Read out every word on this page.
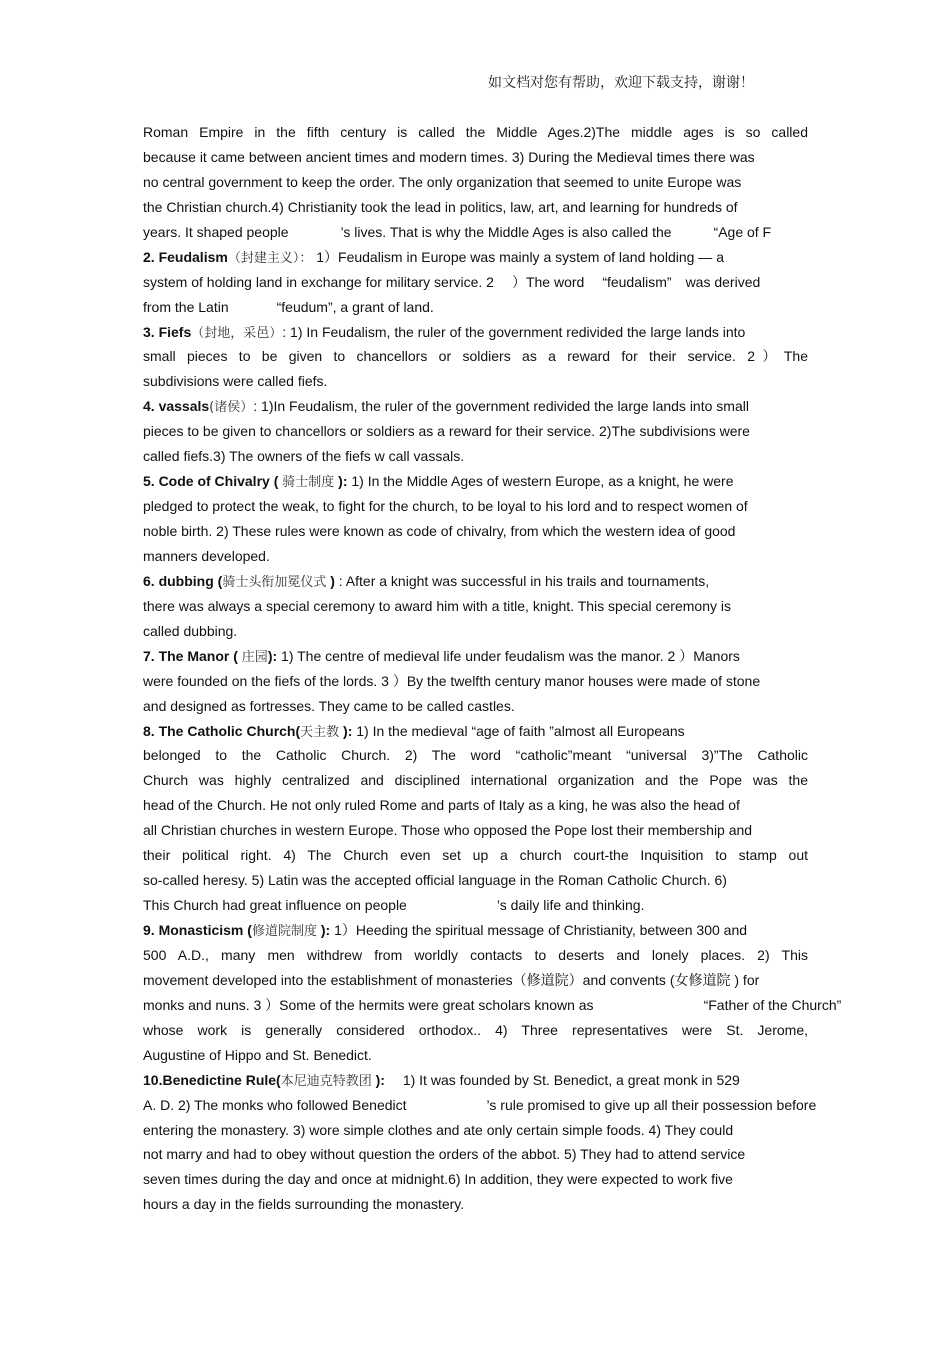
如文档对您有帮助，欢迎下载支持，谢谢！
Roman Empire in the fifth century is called the Middle Ages.2)The middle ages is so called
because it came between ancient times and modern times. 3) During the Medieval times there was
no central government to keep the order. The only organization that seemed to unite Europe was
the Christian church.4) Christianity took the lead in politics, law, art, and learning for hundreds of
years. It shaped people	’s lives. That is why the Middle Ages is also called the	“Age of F
2. Feudalism（封建主义）： 1）Feudalism in Europe was mainly a system of land holding — a
system of holding land in exchange for military service. 2 ）The word “feudalism” was derived
from the Latin	“feudum”, a grant of land.
3. Fiefs（封地，采邑）: 1) In Feudalism, the ruler of the government redivided the large lands into
small pieces to be given to chancellors or soldiers as a reward for their service. 2）The
subdivisions were called fiefs.
4. vassals(诸侯）: 1)In Feudalism, the ruler of the government redivided the large lands into small
pieces to be given to chancellors or soldiers as a reward for their service. 2)The subdivisions were
called fiefs.3) The owners of the fiefs w call vassals.
5. Code of Chivalry ( 骑士制度 ): 1) In the Middle Ages of western Europe, as a knight, he were
pledged to protect the weak, to fight for the church, to be loyal to his lord and to respect women of
noble birth. 2) These rules were known as code of chivalry, from which the western idea of good
manners developed.
6. dubbing (骑士头衔加冕仪式 ) : After a knight was successful in his trails and tournaments,
there was always a special ceremony to award him with a title, knight. This special ceremony is
called dubbing.
7. The Manor ( 庄园): 1) The centre of medieval life under feudalism was the manor. 2 ）Manors
were founded on the fiefs of the lords. 3 ）By the twelfth century manor houses were made of stone
and designed as fortresses. They came to be called castles.
8. The Catholic Church(天主教 ): 1) In the medieval “age of faith ”almost all Europeans
belonged to the Catholic Church. 2) The word “catholic”meant “universal 3)”The Catholic
Church was highly centralized and disciplined international organization and the Pope was the
head of the Church. He not only ruled Rome and parts of Italy as a king, he was also the head of
all Christian churches in western Europe. Those who opposed the Pope lost their membership and
their political right. 4) The Church even set up a church court-the Inquisition to stamp out
so-called heresy. 5) Latin was the accepted official language in the Roman Catholic Church. 6)
This Church had great influence on people	’s daily life and thinking.
9. Monasticism (修道院制度 ): 1）Heeding the spiritual message of Christianity, between 300 and
500 A.D., many men withdrew from worldly contacts to deserts and lonely places. 2) This
movement developed into the establishment of monasteries（修道院）and convents (女修道院 ) for
monks and nuns. 3 ）Some of the hermits were great scholars known as	“Father of the Church”
whose work is generally considered orthodox.. 4) Three representatives were St. Jerome,
Augustine of Hippo and St. Benedict.
10.Benedictine Rule(本尼迪克特教团 ): 1) It was founded by St. Benedict, a great monk in 529
A. D. 2) The monks who followed Benedict	’s rule promised to give up all their possession before
entering the monastery. 3) wore simple clothes and ate only certain simple foods. 4) They could
not marry and had to obey without question the orders of the abbot. 5) They had to attend service
seven times during the day and once at midnight.6) In addition, they were expected to work five
hours a day in the fields surrounding the monastery.
